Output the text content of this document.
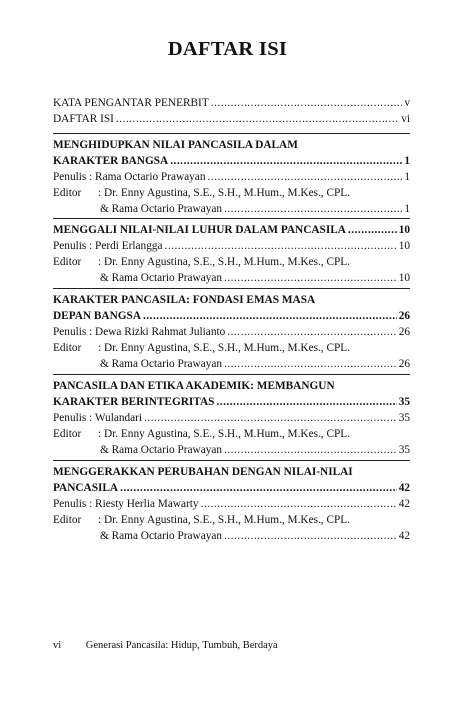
DAFTAR ISI
KATA PENGANTAR PENERBIT .....	v
DAFTAR ISI .....	vi
MENGHIDUPKAN NILAI PANCASILA DALAM
KARAKTER BANGSA .....	1
Penulis : Rama Octario Prawayan .....	1
Editor : Dr. Enny Agustina, S.E., S.H., M.Hum., M.Kes., CPL.
& Rama Octario Prawayan .....	1
MENGGALI NILAI-NILAI LUHUR DALAM PANCASILA .....	10
Penulis : Perdi Erlangga .....	10
Editor : Dr. Enny Agustina, S.E., S.H., M.Hum., M.Kes., CPL.
& Rama Octario Prawayan .....	10
KARAKTER PANCASILA: FONDASI EMAS MASA
DEPAN BANGSA .....	26
Penulis : Dewa Rizki Rahmat Julianto .....	26
Editor : Dr. Enny Agustina, S.E., S.H., M.Hum., M.Kes., CPL.
& Rama Octario Prawayan .....	26
PANCASILA DAN ETIKA AKADEMIK: MEMBANGUN
KARAKTER BERINTEGRITAS .....	35
Penulis : Wulandari .....	35
Editor : Dr. Enny Agustina, S.E., S.H., M.Hum., M.Kes., CPL.
& Rama Octario Prawayan .....	35
MENGGERAKKAN PERUBAHAN DENGAN NILAI-NILAI
PANCASILA .....	42
Penulis : Riesty Herlia Mawarty .....	42
Editor : Dr. Enny Agustina, S.E., S.H., M.Hum., M.Kes., CPL.
& Rama Octario Prawayan .....	42
vi Generasi Pancasila: Hidup, Tumbuh, Berdaya
